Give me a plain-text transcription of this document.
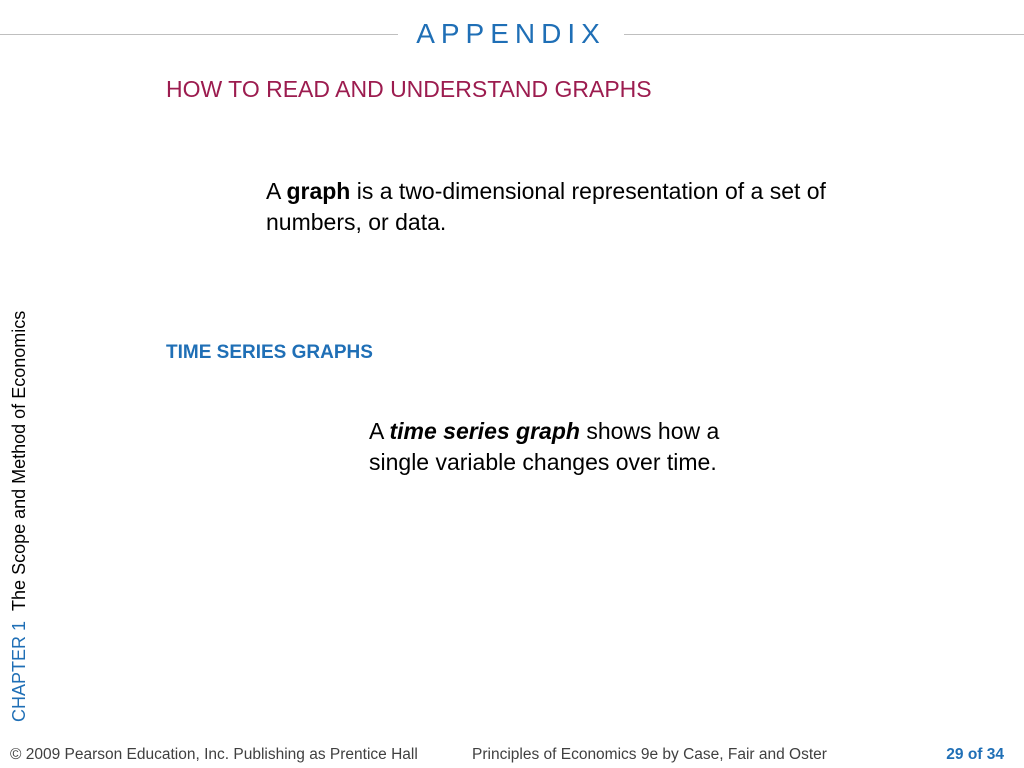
APPENDIX
HOW TO READ AND UNDERSTAND GRAPHS
A graph is a two-dimensional representation of a set of numbers, or data.
TIME SERIES GRAPHS
A time series graph shows how a single variable changes over time.
CHAPTER 1  The Scope and Method of Economics
© 2009 Pearson Education, Inc. Publishing as Prentice Hall	Principles of Economics 9e by Case, Fair and Oster	29 of 34
